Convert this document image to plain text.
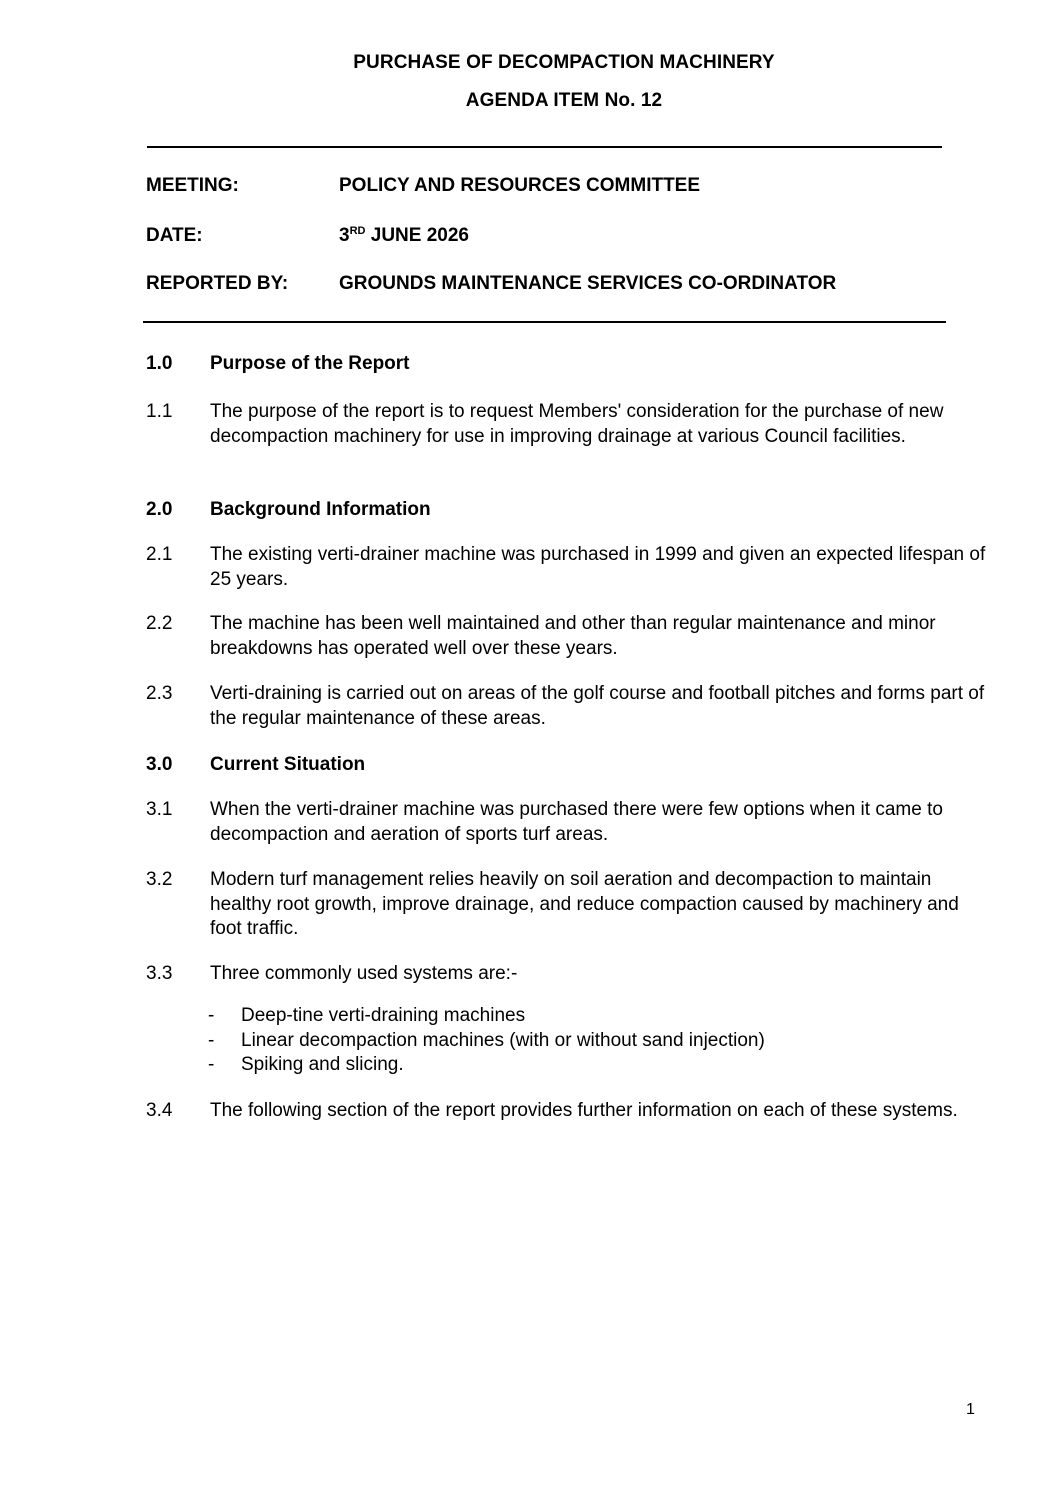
PURCHASE OF DECOMPACTION MACHINERY
AGENDA ITEM No. 12
MEETING:	POLICY AND RESOURCES COMMITTEE
DATE:	3RD JUNE 2026
REPORTED BY:	GROUNDS MAINTENANCE SERVICES CO-ORDINATOR
1.0 Purpose of the Report
1.1 The purpose of the report is to request Members' consideration for the purchase of new decompaction machinery for use in improving drainage at various Council facilities.
2.0 Background Information
2.1 The existing verti-drainer machine was purchased in 1999 and given an expected lifespan of 25 years.
2.2 The machine has been well maintained and other than regular maintenance and minor breakdowns has operated well over these years.
2.3 Verti-draining is carried out on areas of the golf course and football pitches and forms part of the regular maintenance of these areas.
3.0 Current Situation
3.1 When the verti-drainer machine was purchased there were few options when it came to decompaction and aeration of sports turf areas.
3.2 Modern turf management relies heavily on soil aeration and decompaction to maintain healthy root growth, improve drainage, and reduce compaction caused by machinery and foot traffic.
3.3 Three commonly used systems are:-
- Deep-tine verti-draining machines
- Linear decompaction machines (with or without sand injection)
- Spiking and slicing.
3.4 The following section of the report provides further information on each of these systems.
1
